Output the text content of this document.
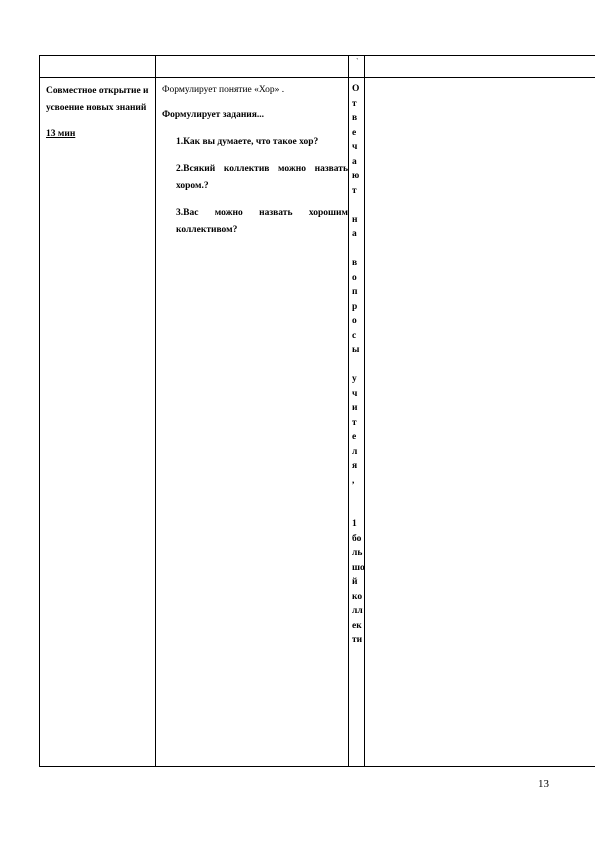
`
Совместное открытие и усвоение новых знаний
13 мин
Формулирует понятие «Хор» .
Формулирует задания...
1.Как вы думаете, что такое хор?
2.Всякий коллектив можно назвать хором.?
3.Вас можно назвать хорошим коллективом?
О
т
в
е
ч
а
ю
т
н
а
в
о
п
р
о
с
ы
у
ч
и
т
е
л
я
,
1
бо
ль
шо
й
ко
лл
ек
ти
13
